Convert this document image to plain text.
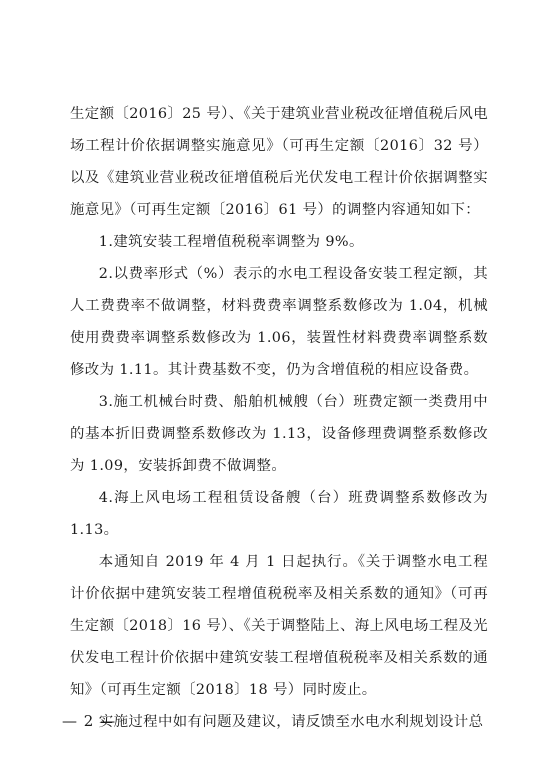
生定额〔2016〕25 号）、《关于建筑业营业税改征增值税后风电场工程计价依据调整实施意见》（可再生定额〔2016〕32 号）以及《建筑业营业税改征增值税后光伏发电工程计价依据调整实施意见》（可再生定额〔2016〕61 号）的调整内容通知如下：

1.建筑安装工程增值税税率调整为 9%。

2.以费率形式（%）表示的水电工程设备安装工程定额，其人工费费率不做调整，材料费费率调整系数修改为 1.04，机械使用费费率调整系数修改为 1.06，装置性材料费费率调整系数修改为 1.11。其计费基数不变，仍为含增值税的相应设备费。

3.施工机械台时费、船舶机械艘（台）班费定额一类费用中的基本折旧费调整系数修改为 1.13，设备修理费调整系数修改为 1.09，安装拆卸费不做调整。

4.海上风电场工程租赁设备艘（台）班费调整系数修改为 1.13。

本通知自 2019 年 4 月 1 日起执行。《关于调整水电工程计价依据中建筑安装工程增值税税率及相关系数的通知》（可再生定额〔2018〕16 号）、《关于调整陆上、海上风电场工程及光伏发电工程计价依据中建筑安装工程增值税税率及相关系数的通知》（可再生定额〔2018〕18 号）同时废止。

实施过程中如有问题及建议，请反馈至水电水利规划设计总

— 2 —
